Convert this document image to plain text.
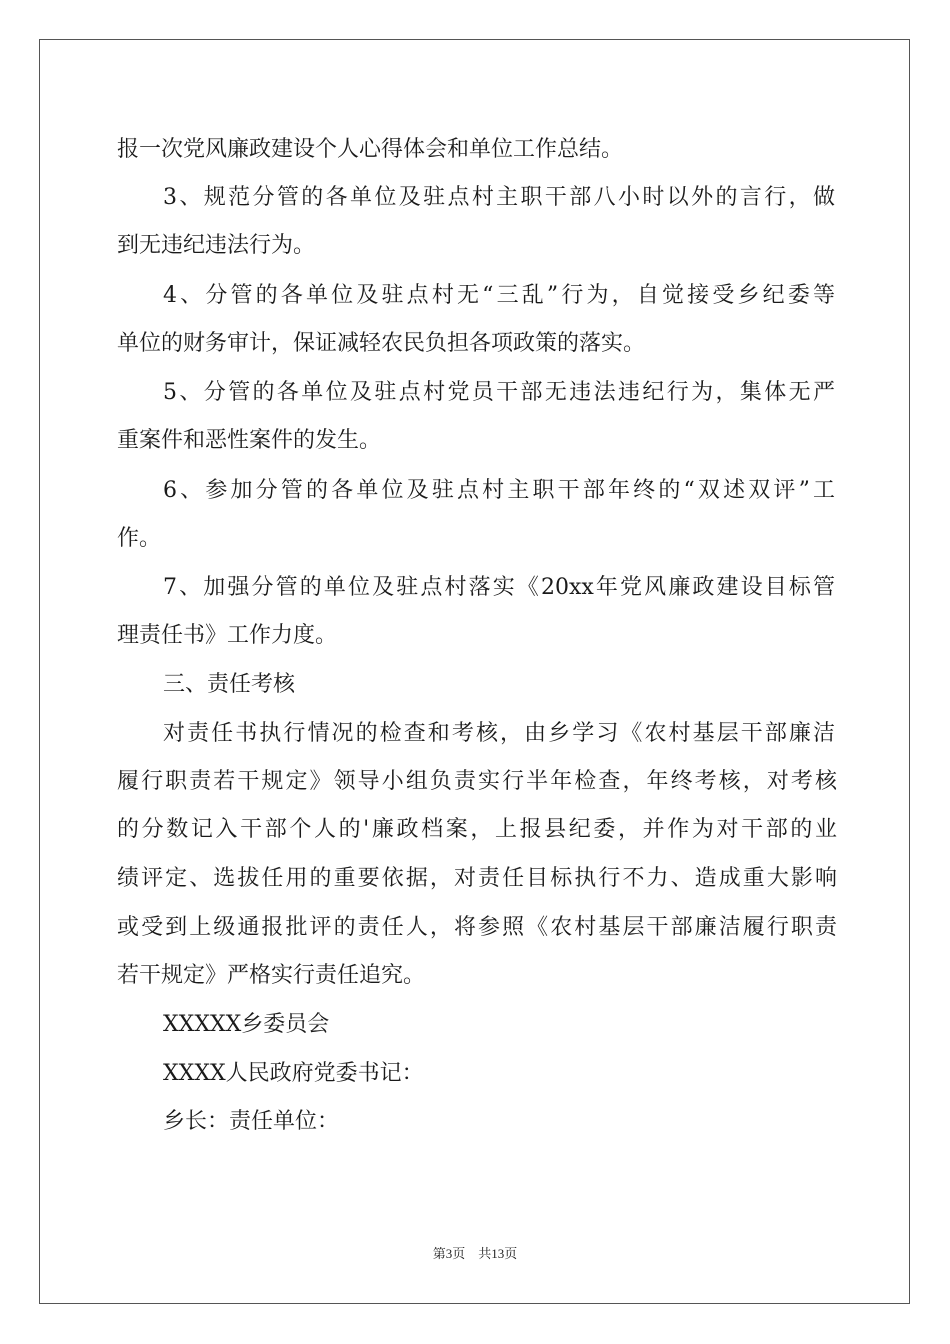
报一次党风廉政建设个人心得体会和单位工作总结。
3、规范分管的各单位及驻点村主职干部八小时以外的言行，做
到无违纪违法行为。
4、分管的各单位及驻点村无“三乱”行为，自觉接受乡纪委等
单位的财务审计，保证减轻农民负担各项政策的落实。
5、分管的各单位及驻点村党员干部无违法违纪行为，集体无严
重案件和恶性案件的发生。
6、参加分管的各单位及驻点村主职干部年终的“双述双评”工
作。
7、加强分管的单位及驻点村落实《20xx年党风廉政建设目标管
理责任书》工作力度。
三、责任考核
对责任书执行情况的检查和考核，由乡学习《农村基层干部廉洁
履行职责若干规定》领导小组负责实行半年检查，年终考核，对考核
的分数记入干部个人的'廉政档案，上报县纪委，并作为对干部的业
绩评定、选拔任用的重要依据，对责任目标执行不力、造成重大影响
或受到上级通报批评的责任人，将参照《农村基层干部廉洁履行职责
若干规定》严格实行责任追究。
XXXXX乡委员会
XXXX人民政府党委书记：
乡长：责任单位：
第3页　共13页
